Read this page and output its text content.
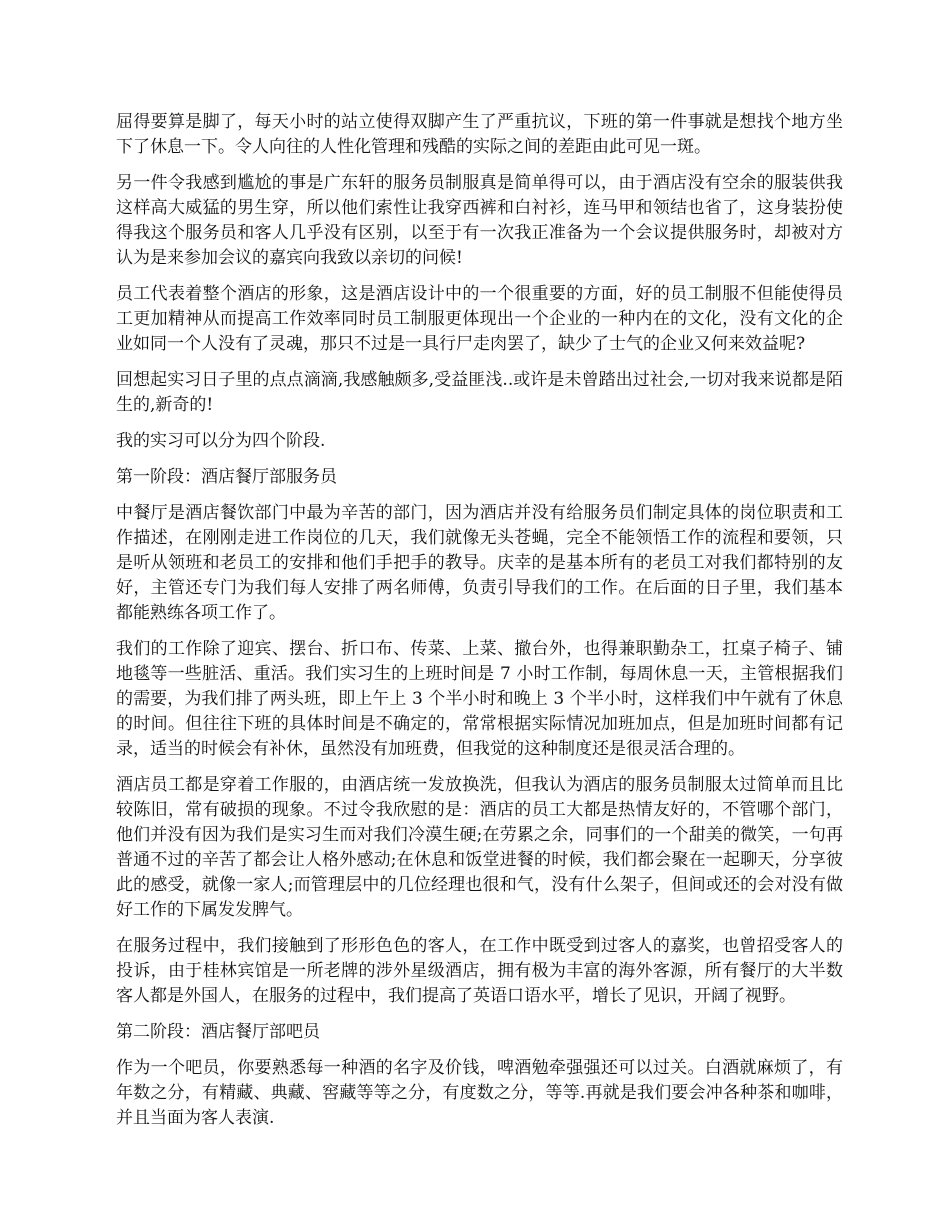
屈得要算是脚了，每天小时的站立使得双脚产生了严重抗议，下班的第一件事就是想找个地方坐下了休息一下。令人向往的人性化管理和残酷的实际之间的差距由此可见一斑。

另一件令我感到尴尬的事是广东轩的服务员制服真是简单得可以，由于酒店没有空余的服装供我这样高大威猛的男生穿，所以他们索性让我穿西裤和白衬衫，连马甲和领结也省了，这身装扮使得我这个服务员和客人几乎没有区别，以至于有一次我正准备为一个会议提供服务时，却被对方认为是来参加会议的嘉宾向我致以亲切的问候!

员工代表着整个酒店的形象，这是酒店设计中的一个很重要的方面，好的员工制服不但能使得员工更加精神从而提高工作效率同时员工制服更体现出一个企业的一种内在的文化，没有文化的企业如同一个人没有了灵魂，那只不过是一具行尸走肉罢了，缺少了士气的企业又何来效益呢?

回想起实习日子里的点点滴滴,我感触颇多,受益匪浅..或许是未曾踏出过社会,一切对我来说都是陌生的,新奇的!

我的实习可以分为四个阶段.

第一阶段：酒店餐厅部服务员

中餐厅是酒店餐饮部门中最为辛苦的部门，因为酒店并没有给服务员们制定具体的岗位职责和工作描述，在刚刚走进工作岗位的几天，我们就像无头苍蝇，完全不能领悟工作的流程和要领，只是听从领班和老员工的安排和他们手把手的教导。庆幸的是基本所有的老员工对我们都特别的友好，主管还专门为我们每人安排了两名师傅，负责引导我们的工作。在后面的日子里，我们基本都能熟练各项工作了。

我们的工作除了迎宾、摆台、折口布、传菜、上菜、撤台外，也得兼职勤杂工，扛桌子椅子、铺地毯等一些脏活、重活。我们实习生的上班时间是 7 小时工作制，每周休息一天，主管根据我们的需要，为我们排了两头班，即上午上 3 个半小时和晚上 3 个半小时，这样我们中午就有了休息的时间。但往往下班的具体时间是不确定的，常常根据实际情况加班加点，但是加班时间都有记录，适当的时候会有补休，虽然没有加班费，但我觉的这种制度还是很灵活合理的。

酒店员工都是穿着工作服的，由酒店统一发放换洗，但我认为酒店的服务员制服太过简单而且比较陈旧，常有破损的现象。不过令我欣慰的是：酒店的员工大都是热情友好的，不管哪个部门，他们并没有因为我们是实习生而对我们冷漠生硬;在劳累之余，同事们的一个甜美的微笑，一句再普通不过的辛苦了都会让人格外感动;在休息和饭堂进餐的时候，我们都会聚在一起聊天，分享彼此的感受，就像一家人;而管理层中的几位经理也很和气，没有什么架子，但间或还的会对没有做好工作的下属发发脾气。

在服务过程中，我们接触到了形形色色的客人，在工作中既受到过客人的嘉奖，也曾招受客人的投诉，由于桂林宾馆是一所老牌的涉外星级酒店，拥有极为丰富的海外客源，所有餐厅的大半数客人都是外国人，在服务的过程中，我们提高了英语口语水平，增长了见识，开阔了视野。

第二阶段：酒店餐厅部吧员

作为一个吧员，你要熟悉每一种酒的名字及价钱，啤酒勉牵强强还可以过关。白酒就麻烦了，有年数之分，有精藏、典藏、窖藏等等之分，有度数之分，等等.再就是我们要会冲各种茶和咖啡，并且当面为客人表演.
